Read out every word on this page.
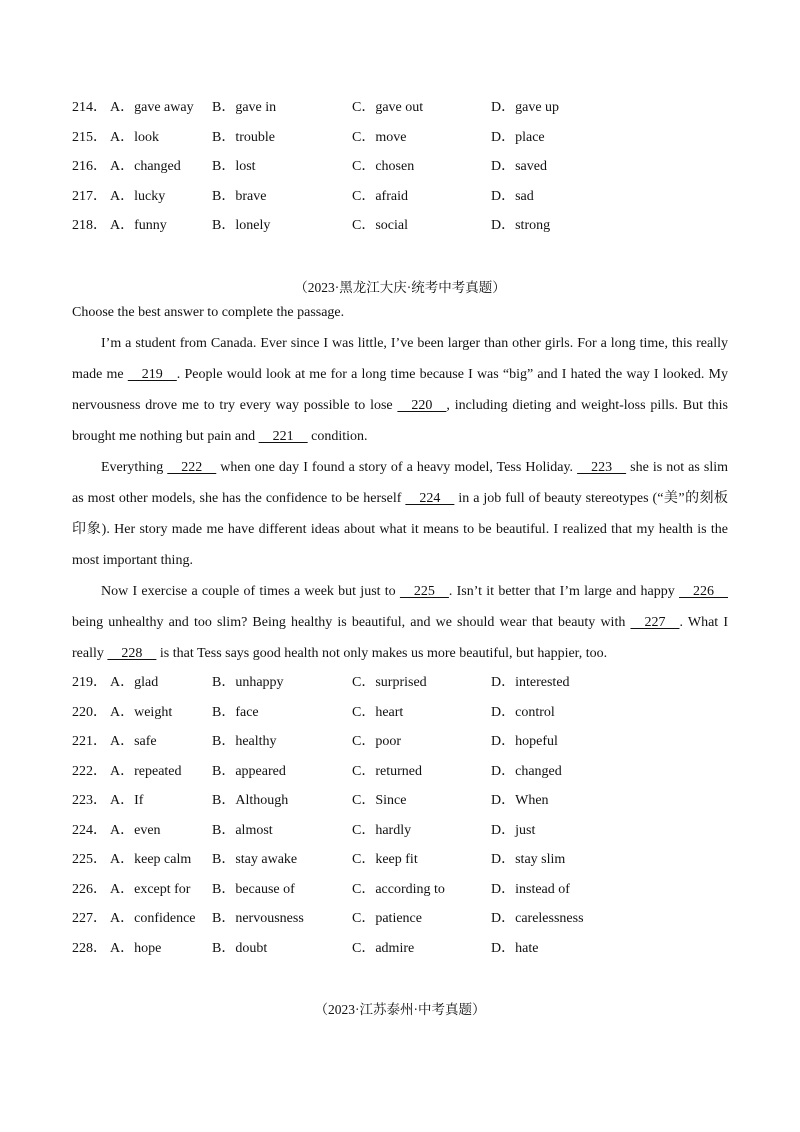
214． A．gave away B．gave in	C．gave out	D．gave up
215． A．look	B．trouble	C．move	D．place
216． A．changed B．lost	C．chosen	D．saved
217． A．lucky	B．brave	C．afraid	D．sad
218． A．funny	B．lonely	C．social	D．strong
（2023·黑龙江大庆·统考中考真题）
Choose the best answer to complete the passage.
I’m a student from Canada. Ever since I was little, I’ve been larger than other girls. For a long time, this really made me     219    . People would look at me for a long time because I was “big” and I hated the way I looked. My nervousness drove me to try every way possible to lose     220    , including dieting and weight-loss pills. But this brought me nothing but pain and     221     condition.
Everything     222     when one day I found a story of a heavy model, Tess Holiday.     223     she is not as slim as most other models, she has the confidence to be herself     224     in a job full of beauty stereotypes (“美”的刻板印象). Her story made me have different ideas about what it means to be beautiful. I realized that my health is the most important thing.
Now I exercise a couple of times a week but just to     225    . Isn’t it better that I’m large and happy     226     being unhealthy and too slim? Being healthy is beautiful, and we should wear that beauty with     227    . What I really     228     is that Tess says good health not only makes us more beautiful, but happier, too.
219． A．glad	B．unhappy	C．surprised	D．interested
220． A．weight	B．face	C．heart	D．control
221． A．safe	B．healthy	C．poor	D．hopeful
222． A．repeated B．appeared	C．returned	D．changed
223． A．If	B．Although	C．Since	D．When
224． A．even	B．almost	C．hardly	D．just
225． A．keep calm B．stay awake	C．keep fit	D．stay slim
226． A．except for B．because of	C．according to	D．instead of
227． A．confidence B．nervousness	C．patience	D．carelessness
228． A．hope	B．doubt	C．admire	D．hate
（2023·江苏泰州·中考真题）
